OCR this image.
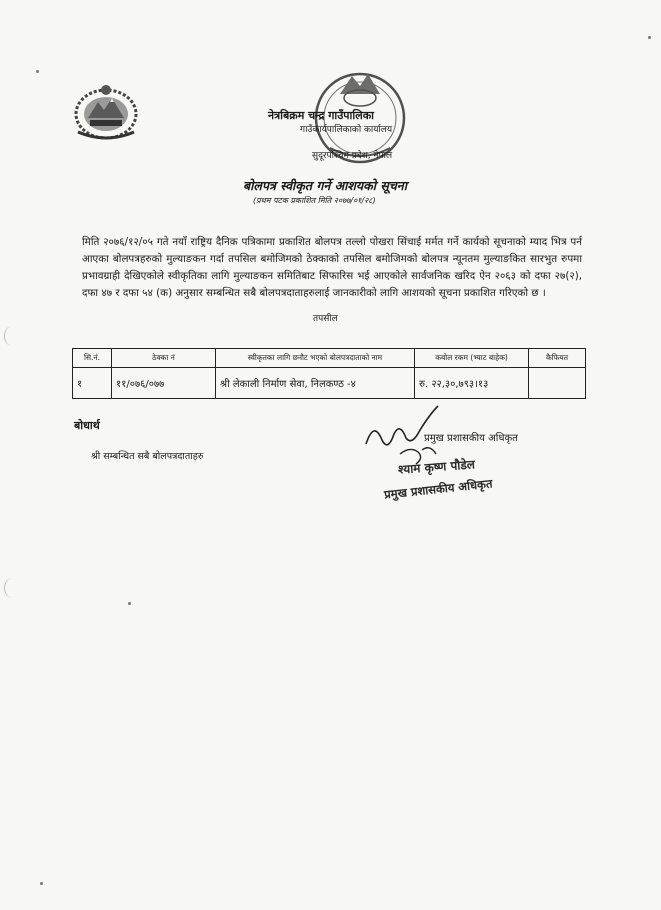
नेत्रबिक्रम चन्द्र गाउँपालिका
गाउँकार्यपालिकाको कार्यालय
सुदूरपश्चिम प्रदेश, नेपाल
बोलपत्र स्वीकृत गर्ने आशयको सूचना
(प्रथम पटक प्रकाशित मिति २०७७/०१/२८)
मिति २०७६/१२/०५ गते नयाँ राष्ट्रिय दैनिक पत्रिकामा प्रकाशित बोलपत्र तल्लो पोखरा सिंचाई मर्मत गर्ने कार्यको सूचनाको म्याद भित्र पर्न आएका बोलपत्रहरुको मुल्याङकन गर्दा तपसिल बमोजिमको ठेक्काको तपसिल बमोजिमको बोलपत्र न्यूनतम मुल्याङकित सारभुत रुपमा प्रभावग्राही देखिएकोले स्वीकृतिका लागि मुल्याङकन समितिबाट सिफारिस भई आएकोले सार्वजनिक खरिद ऐन २०६३ को दफा २७(२), दफा ४७ र दफा ५४ (क) अनुसार सम्बन्धित सबै बोलपत्रदाताहरुलाई जानकारीको लागि आशयको सूचना प्रकाशित गरिएको छ ।
तपसील
सि.नं.	ठेक्का नं	स्वीकृतका लागि छनौट भएको बोलपत्रदाताको नाम	कबोल रकम (भ्याट बाहेक)	कैफियत
१	११/०७६/०७७	श्री लेकाली निर्माण सेवा, निलकण्ठ -४	रु. २२,३०,७९३।१३	
बोधार्थ
श्री सम्बन्धित सबै बोलपत्रदाताहरु
प्रमुख प्रशासकीय अधिकृत
श्याम कृष्ण पौडेल
प्रमुख प्रशासकीय अधिकृत
